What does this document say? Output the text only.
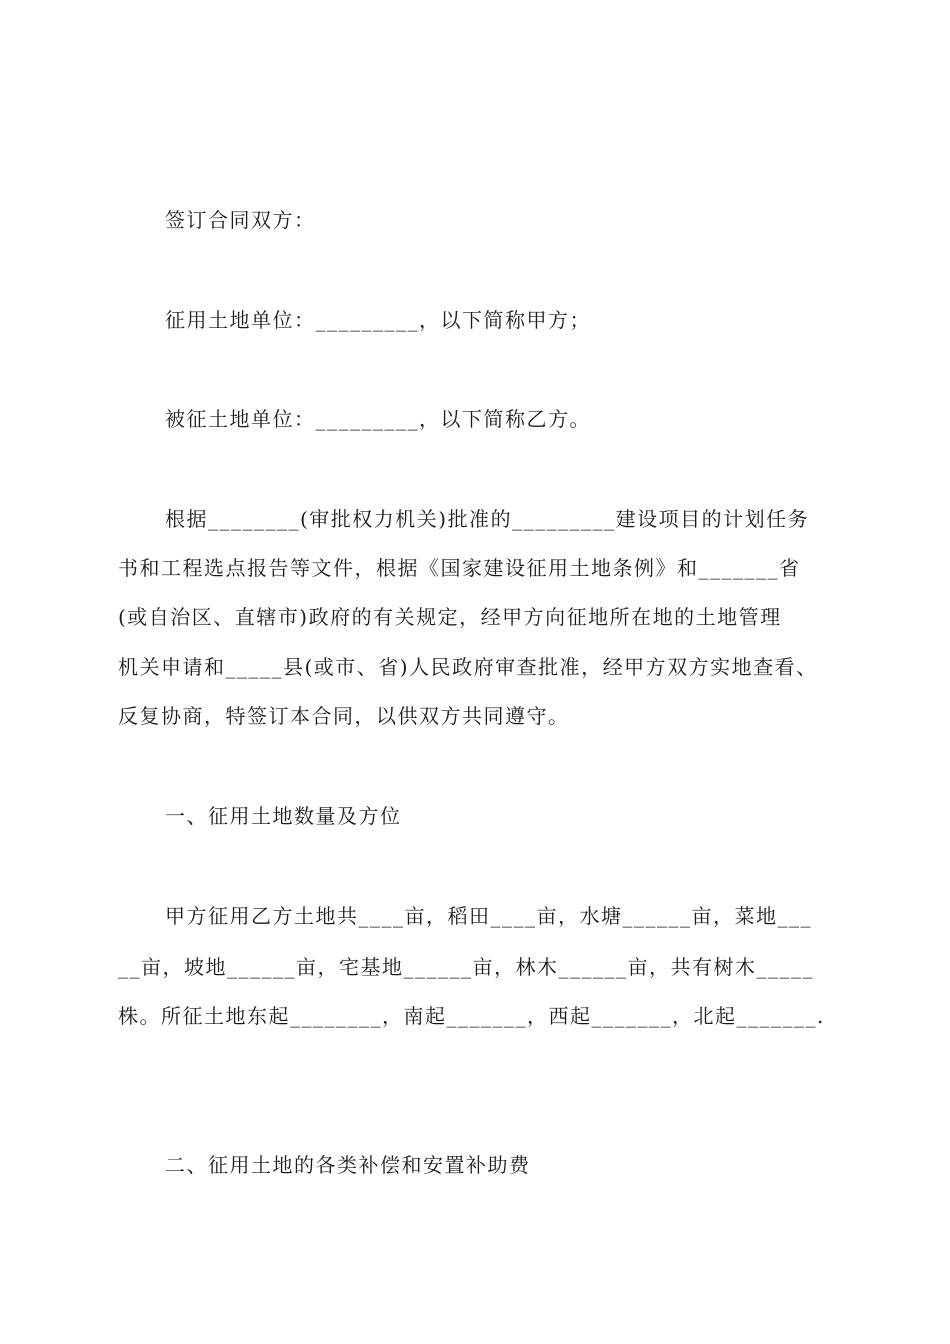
签订合同双方：
征用土地单位：_________，以下简称甲方；
被征土地单位：_________，以下简称乙方。
根据________(审批权力机关)批准的_________建设项目的计划任务
书和工程选点报告等文件，根据《国家建设征用土地条例》和_______省
(或自治区、直辖市)政府的有关规定，经甲方向征地所在地的土地管理
机关申请和_____县(或市、省)人民政府审查批准，经甲方双方实地查看、
反复协商，特签订本合同，以供双方共同遵守。
一、征用土地数量及方位
甲方征用乙方土地共____亩，稻田____亩，水塘______亩，菜地___
__亩，坡地______亩，宅基地______亩，林木______亩，共有树木_____
株。所征土地东起________，南起_______，西起_______，北起_______.
二、征用土地的各类补偿和安置补助费
